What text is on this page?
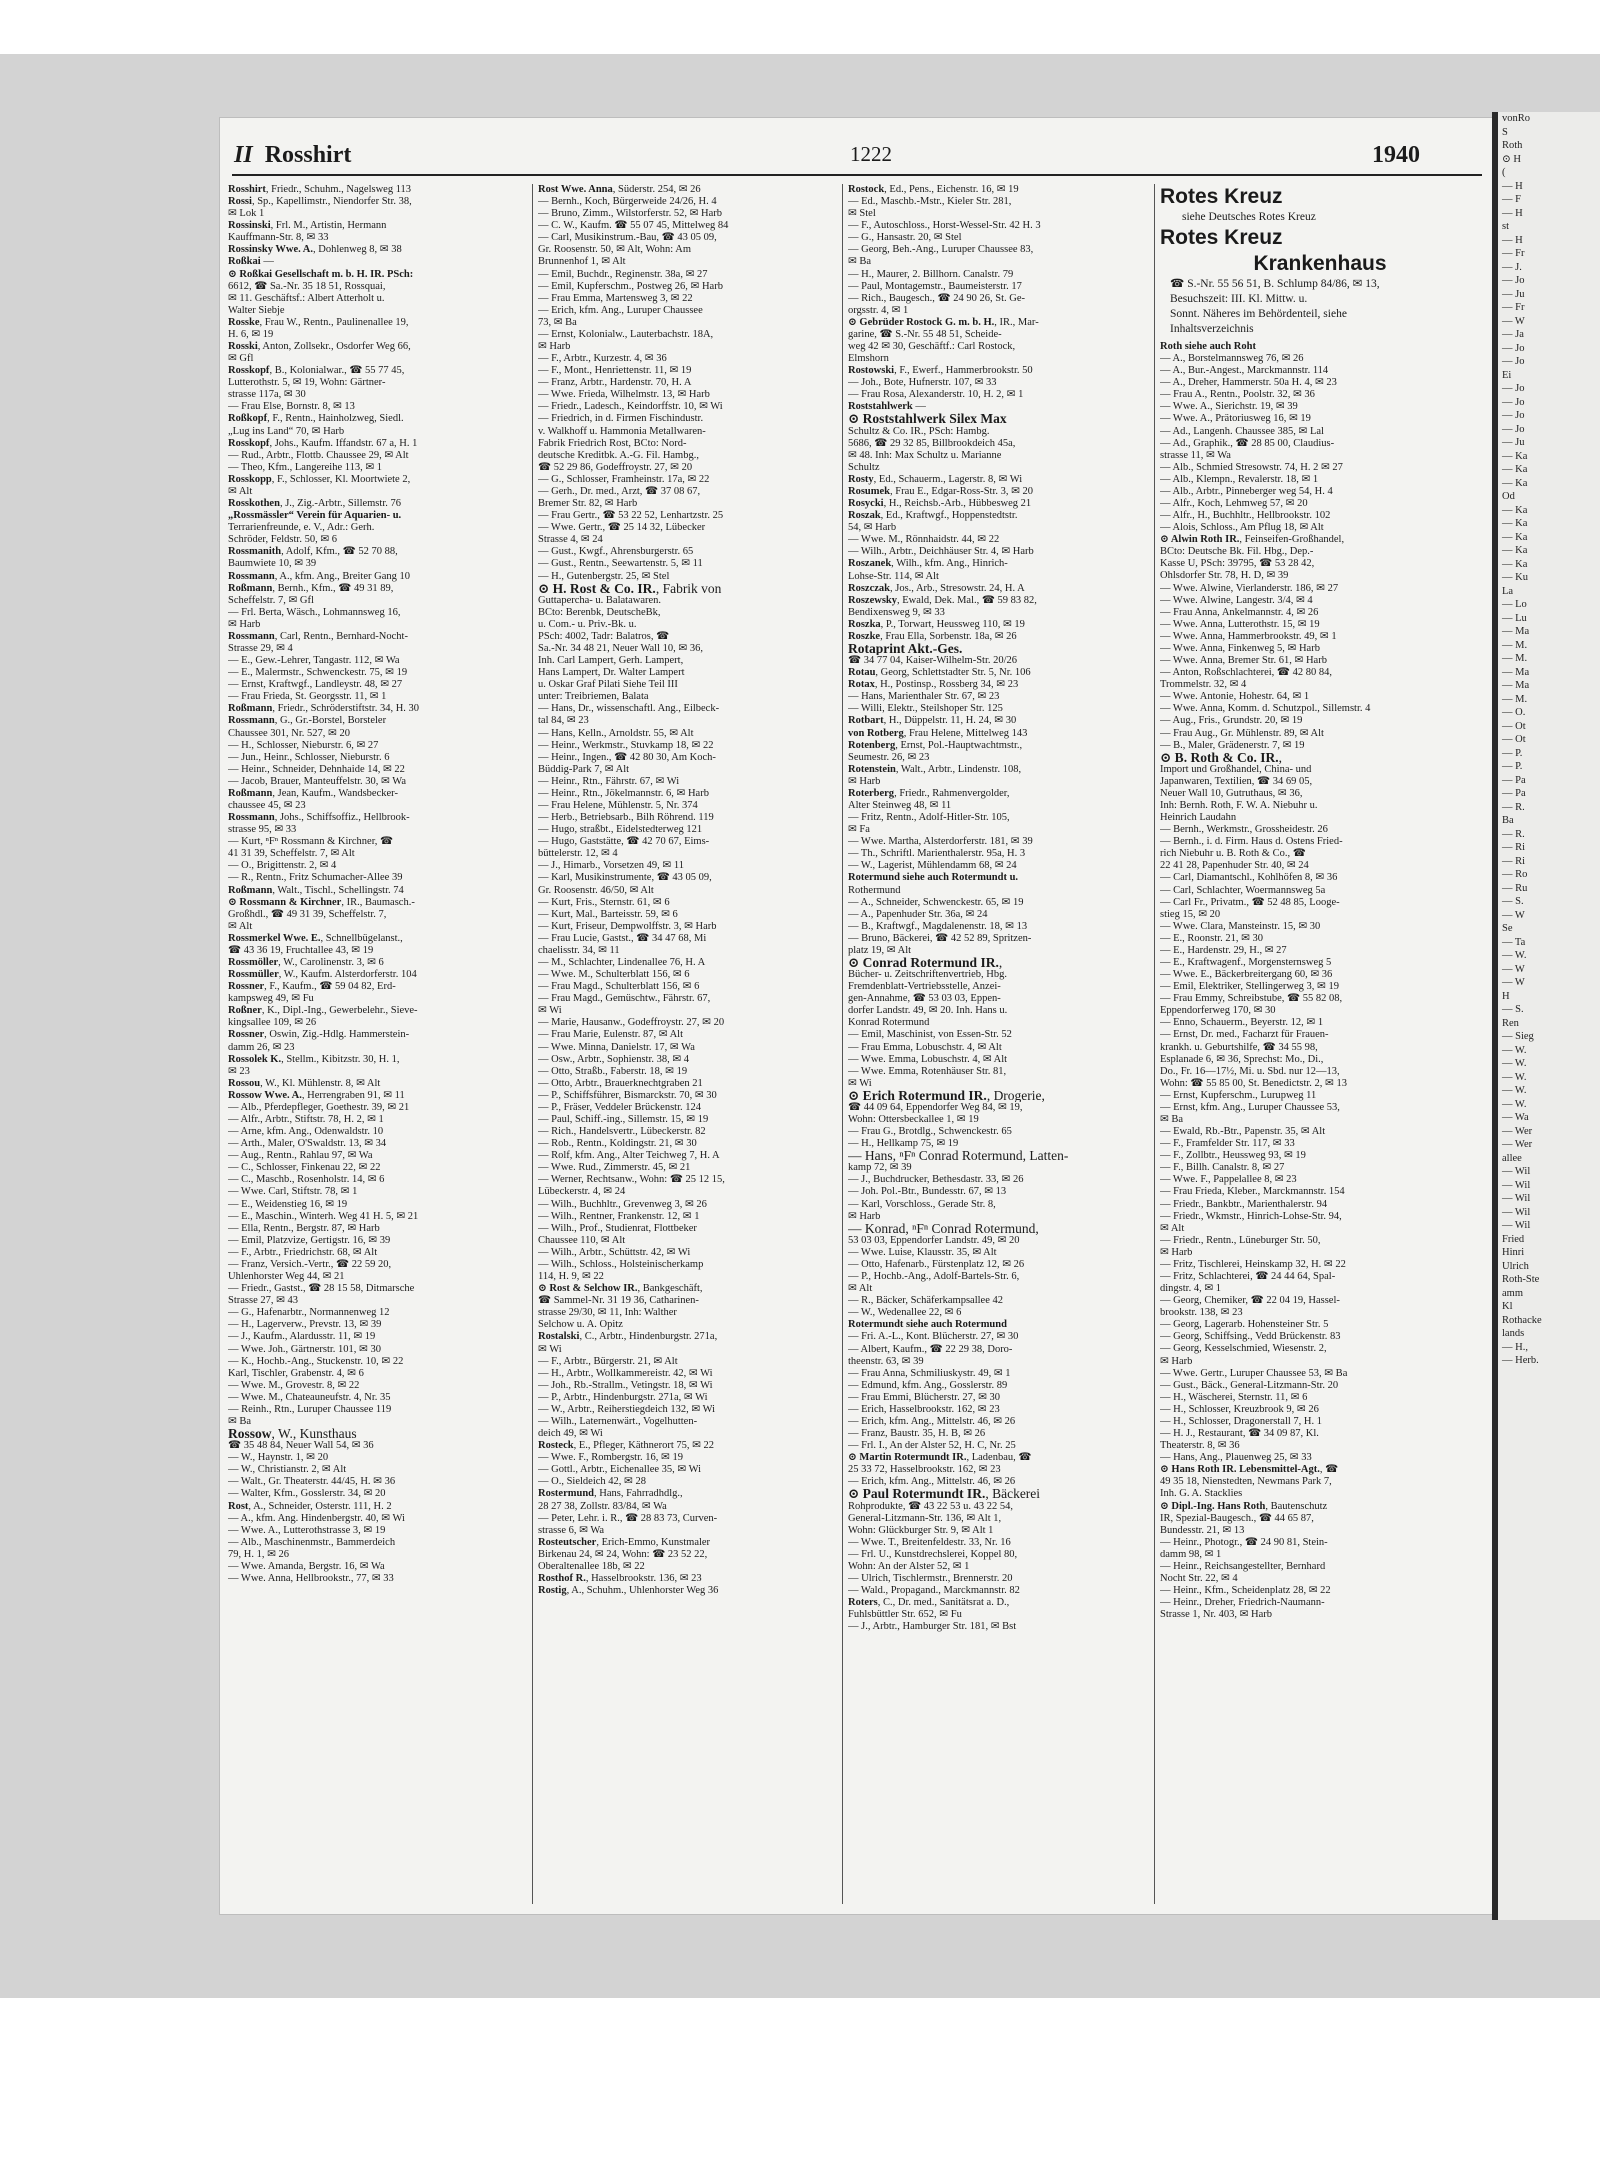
II Rosshirt	1222	1940
Rosshirt, Friedr., Schuhm., Nagelsweg 113
Rossi, Sp., Kapellimstr., Niendorfer Str. 38,
✉ Lok 1
Rossinski, Frl. M., Artistin, Hermann
Kauffmann-Str. 8, ✉ 33
Rossinsky Wwe. A., Dohlenweg 8, ✉ 38
Roßkai —
⊙ Roßkai Gesellschaft m. b. H. IR. PSch:
6612, ☎ Sa.-Nr. 35 18 51, Rossquai,
✉ 11. Geschäftsf.: Albert Atterholt u.
Walter Siebje
Rosske, Frau W., Rentn., Paulinenallee 19,
H. 6, ✉ 19
Rosski, Anton, Zollsekr., Osdorfer Weg 66,
✉ Gfl
Rosskopf, B., Kolonialwar., ☎ 55 77 45,
Lutterothstr. 5, ✉ 19, Wohn: Gärtner-
strasse 117a, ✉ 30
— Frau Else, Bornstr. 8, ✉ 13
Roßkopf, F., Rentn., Hainholzweg, Siedl.
„Lug ins Land“ 70, ✉ Harb
Rosskopf, Johs., Kaufm. Iffandstr. 67 a, H. 1
— Rud., Arbtr., Flottb. Chaussee 29, ✉ Alt
— Theo, Kfm., Langereihe 113, ✉ 1
Rosskopp, F., Schlosser, Kl. Moortwiete 2,
✉ Alt
Rosskothen, J., Zig.-Arbtr., Sillemstr. 76
„Rossmässler“ Verein für Aquarien- u.
Terrarienfreunde, e. V., Adr.: Gerh.
Schröder, Feldstr. 50, ✉ 6
Rossmanith, Adolf, Kfm., ☎ 52 70 88,
Baumwiete 10, ✉ 39
Rossmann, A., kfm. Ang., Breiter Gang 10
Roßmann, Bernh., Kfm., ☎ 49 31 89,
Scheffelstr. 7, ✉ Gfl
— Frl. Berta, Wäsch., Lohmannsweg 16,
✉ Harb
Rossmann, Carl, Rentn., Bernhard-Nocht-
Strasse 29, ✉ 4
— E., Gew.-Lehrer, Tangastr. 112, ✉ Wa
— E., Malermstr., Schwenckestr. 75, ✉ 19
— Ernst, Kraftwgf., Landleystr. 48, ✉ 27
— Frau Frieda, St. Georgsstr. 11, ✉ 1
Roßmann, Friedr., Schröderstiftstr. 34, H. 30
Rossmann, G., Gr.-Borstel, Borsteler
Chaussee 301, Nr. 527, ✉ 20
— H., Schlosser, Nieburstr. 6, ✉ 27
— Jun., Heinr., Schlosser, Nieburstr. 6
— Heinr., Schneider, Dehnhaide 14, ✉ 22
— Jacob, Brauer, Manteuffelstr. 30, ✉ Wa
Roßmann, Jean, Kaufm., Wandsbecker-
chaussee 45, ✉ 23
Rossmann, Johs., Schiffsoffiz., Hellbrook-
strasse 95, ✉ 33
— Kurt, ⁿFⁿ Rossmann & Kirchner, ☎
41 31 39, Scheffelstr. 7, ✉ Alt
— O., Brigittenstr. 2, ✉ 4
— R., Rentn., Fritz Schumacher-Allee 39
Roßmann, Walt., Tischl., Schellingstr. 74
⊙ Rossmann & Kirchner, IR., Baumasch.-
Großhdl., ☎ 49 31 39, Scheffelstr. 7,
✉ Alt
Rossmerkel Wwe. E., Schnellbügelanst.,
☎ 43 36 19, Fruchtallee 43, ✉ 19
Rossmöller, W., Carolinenstr. 3, ✉ 6
Rossmüller, W., Kaufm. Alsterdorferstr. 104
Rossner, F., Kaufm., ☎ 59 04 82, Erd-
kampsweg 49, ✉ Fu
Roßner, K., Dipl.-Ing., Gewerbelehr., Sieve-
kingsallee 109, ✉ 26
Rossner, Oswin, Zig.-Hdlg. Hammerstein-
damm 26, ✉ 23
Rossolek K., Stellm., Kibitzstr. 30, H. 1,
✉ 23
Rossou, W., Kl. Mühlenstr. 8, ✉ Alt
Rossow Wwe. A., Herrengraben 91, ✉ 11
— Alb., Pferdepfleger, Goethestr. 39, ✉ 21
— Alfr., Arbtr., Stiftstr. 78, H. 2, ✉ 1
— Arne, kfm. Ang., Odenwaldstr. 10
— Arth., Maler, O'Swaldstr. 13, ✉ 34
— Aug., Rentn., Rahlau 97, ✉ Wa
— C., Schlosser, Finkenau 22, ✉ 22
— C., Maschb., Rosenholstr. 14, ✉ 6
— Wwe. Carl, Stiftstr. 78, ✉ 1
— E., Weidenstieg 16, ✉ 19
— E., Maschin., Winterh. Weg 41 H. 5, ✉ 21
— Ella, Rentn., Bergstr. 87, ✉ Harb
— Emil, Platzvize, Gertigstr. 16, ✉ 39
— F., Arbtr., Friedrichstr. 68, ✉ Alt
— Franz, Versich.-Vertr., ☎ 22 59 20,
Uhlenhorster Weg 44, ✉ 21
— Friedr., Gastst., ☎ 28 15 58, Ditmarsche
Strasse 27, ✉ 43
— G., Hafenarbtr., Normannenweg 12
— H., Lagerverw., Prevstr. 13, ✉ 39
— J., Kaufm., Alardusstr. 11, ✉ 19
— Wwe. Joh., Gärtnerstr. 101, ✉ 30
— K., Hochb.-Ang., Stuckenstr. 10, ✉ 22
Karl, Tischler, Grabenstr. 4, ✉ 6
— Wwe. M., Grovestr. 8, ✉ 22
— Wwe. M., Chateauneufstr. 4, Nr. 35
— Reinh., Rtn., Luruper Chaussee 119
✉ Ba
Rossow, W., Kunsthaus
☎ 35 48 84, Neuer Wall 54, ✉ 36
— W., Haynstr. 1, ✉ 20
— W., Christianstr. 2, ✉ Alt
— Walt., Gr. Theaterstr. 44/45, H. ✉ 36
— Walter, Kfm., Gosslerstr. 34, ✉ 20
Rost, A., Schneider, Osterstr. 111, H. 2
— A., kfm. Ang. Hindenbergstr. 40, ✉ Wi
— Wwe. A., Lutterothstrasse 3, ✉ 19
— Alb., Maschinenmstr., Bammerdeich
79, H. 1, ✉ 26
— Wwe. Amanda, Bergstr. 16, ✉ Wa
— Wwe. Anna, Hellbrookstr., 77, ✉ 33
Rost Wwe. Anna, Süderstr. 254, ✉ 26
— Bernh., Koch, Bürgerweide 24/26, H. 4
— Bruno, Zimm., Wilstorferstr. 52, ✉ Harb
— C. W., Kaufm. ☎ 55 07 45, Mittelweg 84
— Carl, Musikinstrum.-Bau, ☎ 43 05 09,
Gr. Roosenstr. 50, ✉ Alt, Wohn: Am
Brunnenhof 1, ✉ Alt
— Emil, Buchdr., Reginenstr. 38a, ✉ 27
— Emil, Kupferschm., Postweg 26, ✉ Harb
— Frau Emma, Martensweg 3, ✉ 22
— Erich, kfm. Ang., Luruper Chaussee
73, ✉ Ba
— Ernst, Kolonialw., Lauterbachstr. 18A,
✉ Harb
— F., Arbtr., Kurzestr. 4, ✉ 36
— F., Mont., Henriettenstr. 11, ✉ 19
— Franz, Arbtr., Hardenstr. 70, H. A
— Wwe. Frieda, Wilhelmstr. 13, ✉ Harb
— Friedr., Ladesch., Keindorffstr. 10, ✉ Wi
— Friedrich, in d. Firmen Fischindustr.
v. Walkhoff u. Hammonia Metallwaren-
Fabrik Friedrich Rost, BCto: Nord-
deutsche Kreditbk. A.-G. Fil. Hambg.,
☎ 52 29 86, Godeffroystr. 27, ✉ 20
— G., Schlosser, Framheinstr. 17a, ✉ 22
— Gerh., Dr. med., Arzt, ☎ 37 08 67,
Bremer Str. 82, ✉ Harb
— Frau Gertr., ☎ 53 22 52, Lenhartzstr. 25
— Wwe. Gertr., ☎ 25 14 32, Lübecker
Strasse 4, ✉ 24
— Gust., Kwgf., Ahrensburgerstr. 65
— Gust., Rentn., Seewartenstr. 5, ✉ 11
— H., Gutenbergstr. 25, ✉ Stel
⊙ H. Rost & Co. IR., Fabrik von
Guttapercha- u. Balatawaren.
BCto: Berenbk, DeutscheBk,
u. Com.- u. Priv.-Bk. u.
PSch: 4002, Tadr: Balatros, ☎
Sa.-Nr. 34 48 21, Neuer Wall 10, ✉ 36,
Inh. Carl Lampert, Gerh. Lampert,
Hans Lampert, Dr. Walter Lampert
u. Oskar Graf Pilati Siehe Teil III
unter: Treibriemen, Balata
— Hans, Dr., wissenschaftl. Ang., Eilbeck-
tal 84, ✉ 23
— Hans, Kelln., Arnoldstr. 55, ✉ Alt
— Heinr., Werkmstr., Stuvkamp 18, ✉ 22
— Heinr., Ingen., ☎ 42 80 30, Am Koch-
Büddig-Park 7, ✉ Alt
— Heinr., Rtn., Fährstr. 67, ✉ Wi
— Heinr., Rtn., Jökelmannstr. 6, ✉ Harb
— Frau Helene, Mühlenstr. 5, Nr. 374
— Herb., Betriebsarb., Bilh Röhrend. 119
— Hugo, straßbt., Eidelstedterweg 121
— Hugo, Gaststätte, ☎ 42 70 67, Eims-
büttelerstr. 12, ✉ 4
— J., Himarb., Vorsetzen 49, ✉ 11
— Karl, Musikinstrumente, ☎ 43 05 09,
Gr. Roosenstr. 46/50, ✉ Alt
— Kurt, Fris., Sternstr. 61, ✉ 6
— Kurt, Mal., Barteisstr. 59, ✉ 6
— Kurt, Friseur, Dempwolffstr. 3, ✉ Harb
— Frau Lucie, Gastst., ☎ 34 47 68, Mi
chaelisstr. 34, ✉ 11
— M., Schlachter, Lindenallee 76, H. A
— Wwe. M., Schulterblatt 156, ✉ 6
— Frau Magd., Schulterblatt 156, ✉ 6
— Frau Magd., Gemüschtw., Fährstr. 67,
✉ Wi
— Marie, Hausanw., Godeffroystr. 27, ✉ 20
— Frau Marie, Eulenstr. 87, ✉ Alt
— Wwe. Minna, Danielstr. 17, ✉ Wa
— Osw., Arbtr., Sophienstr. 38, ✉ 4
— Otto, Straßb., Faberstr. 18, ✉ 19
— Otto, Arbtr., Brauerknechtgraben 21
— P., Schiffsführer, Bismarckstr. 70, ✉ 30
— P., Fräser, Veddeler Brückenstr. 124
— Paul, Schiff.-ing., Sillemstr. 15, ✉ 19
— Rich., Handelsvertr., Lübeckerstr. 82
— Rob., Rentn., Koldingstr. 21, ✉ 30
— Rolf, kfm. Ang., Alter Teichweg 7, H. A
— Wwe. Rud., Zimmerstr. 45, ✉ 21
— Werner, Rechtsanw., Wohn: ☎ 25 12 15,
Lübeckerstr. 4, ✉ 24
— Wilh., Buchhltr., Grevenweg 3, ✉ 26
— Wilh., Rentner, Frankenstr. 12, ✉ 1
— Wilh., Prof., Studienrat, Flottbeker
Chaussee 110, ✉ Alt
— Wilh., Arbtr., Schüttstr. 42, ✉ Wi
— Wilh., Schloss., Holsteinischerkamp
114, H. 9, ✉ 22
⊙ Rost & Selchow IR., Bankgeschäft,
☎ Sammel-Nr. 31 19 36, Catharinen-
strasse 29/30, ✉ 11, Inh: Walther
Selchow u. A. Opitz
Rostalski, C., Arbtr., Hindenburgstr. 271a,
✉ Wi
— F., Arbtr., Bürgerstr. 21, ✉ Alt
— H., Arbtr., Wollkammereistr. 42, ✉ Wi
— Joh., Rb.-Strallm., Vetingstr. 18, ✉ Wi
— P., Arbtr., Hindenburgstr. 271a, ✉ Wi
— W., Arbtr., Reiherstiegdeich 132, ✉ Wi
— Wilh., Laternenwärt., Vogelhutten-
deich 49, ✉ Wi
Rosteck, E., Pfleger, Käthnerort 75, ✉ 22
— Wwe. F., Rombergstr. 16, ✉ 19
— Gottl., Arbtr., Eichenallee 35, ✉ Wi
— O., Sieldeich 42, ✉ 28
Rostermund, Hans, Fahrradhdlg.,
28 27 38, Zollstr. 83/84, ✉ Wa
— Peter, Lehr. i. R., ☎ 28 83 73, Curven-
strasse 6, ✉ Wa
Rosteutscher, Erich-Emmo, Kunstmaler
Birkenau 24, ✉ 24, Wohn: ☎ 23 52 22,
Oberaltenallee 18b, ✉ 22
Rosthof R., Hasselbrookstr. 136, ✉ 23
Rostig, A., Schuhm., Uhlenhorster Weg 36
Rostock, Ed., Pens., Eichenstr. 16, ✉ 19
— Ed., Maschb.-Mstr., Kieler Str. 281,
✉ Stel
— F., Autoschloss., Horst-Wessel-Str. 42 H. 3
— G., Hansastr. 20, ✉ Stel
— Georg, Beh.-Ang., Luruper Chaussee 83,
✉ Ba
— H., Maurer, 2. Billhorn. Canalstr. 79
— Paul, Montagemstr., Baumeisterstr. 17
— Rich., Baugesch., ☎ 24 90 26, St. Ge-
orgsstr. 4, ✉ 1
⊙ Gebrüder Rostock G. m. b. H., IR., Mar-
garine, ☎ S.-Nr. 55 48 51, Scheide-
weg 42 ✉ 30, Geschäftf.: Carl Rostock,
Elmshorn
Rostowski, F., Ewerf., Hammerbrookstr. 50
— Joh., Bote, Hufnerstr. 107, ✉ 33
— Frau Rosa, Alexanderstr. 10, H. 2, ✉ 1
Roststahlwerk —
⊙ Roststahlwerk Silex Max
Schultz & Co. IR., PSch: Hambg.
5686, ☎ 29 32 85, Billbrookdeich 45a,
✉ 48. Inh: Max Schultz u. Marianne
Schultz
Rosty, Ed., Schauerm., Lagerstr. 8, ✉ Wi
Rosumek, Frau E., Edgar-Ross-Str. 3, ✉ 20
Rosycki, H., Reichsb.-Arb., Hübbesweg 21
Roszak, Ed., Kraftwgf., Hoppenstedtstr.
54, ✉ Harb
— Wwe. M., Rönnhaidstr. 44, ✉ 22
— Wilh., Arbtr., Deichhäuser Str. 4, ✉ Harb
Roszanek, Wilh., kfm. Ang., Hinrich-
Lohse-Str. 114, ✉ Alt
Roszczak, Jos., Arb., Stresowstr. 24, H. A
Roszewsky, Ewald, Dek. Mal., ☎ 59 83 82,
Bendixensweg 9, ✉ 33
Roszka, P., Torwart, Heussweg 110, ✉ 19
Roszke, Frau Ella, Sorbenstr. 18a, ✉ 26
Rotaprint Akt.-Ges.
☎ 34 77 04, Kaiser-Wilhelm-Str. 20/26
Rotau, Georg, Schlettstadter Str. 5, Nr. 106
Rotax, H., Postinsp., Rossberg 34, ✉ 23
— Hans, Marienthaler Str. 67, ✉ 23
— Willi, Elektr., Steilshoper Str. 125
Rotbart, H., Düppelstr. 11, H. 24, ✉ 30
von Rotberg, Frau Helene, Mittelweg 143
Rotenberg, Ernst, Pol.-Hauptwachtmstr.,
Seumestr. 26, ✉ 23
Rotenstein, Walt., Arbtr., Lindenstr. 108,
✉ Harb
Roterberg, Friedr., Rahmenvergolder,
Alter Steinweg 48, ✉ 11
— Fritz, Rentn., Adolf-Hitler-Str. 105,
✉ Fa
— Wwe. Martha, Alsterdorferstr. 181, ✉ 39
— Th., Schriftl. Marienthalerstr. 95a, H. 3
— W., Lagerist, Mühlendamm 68, ✉ 24
Rotermund siehe auch Rotermundt u.
Rothermund
— A., Schneider, Schwenckestr. 65, ✉ 19
— A., Papenhuder Str. 36a, ✉ 24
— B., Kraftwgf., Magdalenenstr. 18, ✉ 13
— Bruno, Bäckerei, ☎ 42 52 89, Spritzen-
platz 19, ✉ Alt
⊙ Conrad Rotermund IR.,
Bücher- u. Zeitschriftenvertrieb, Hbg.
Fremdenblatt-Vertriebsstelle, Anzei-
gen-Annahme, ☎ 53 03 03, Eppen-
dorfer Landstr. 49, ✉ 20. Inh. Hans u.
Konrad Rotermund
— Emil, Maschinist, von Essen-Str. 52
— Frau Emma, Lobuschstr. 4, ✉ Alt
— Wwe. Emma, Lobuschstr. 4, ✉ Alt
— Wwe. Emma, Rotenhäuser Str. 81,
✉ Wi
⊙ Erich Rotermund IR., Drogerie,
☎ 44 09 64, Eppendorfer Weg 84, ✉ 19,
Wohn: Ottersbeckallee 1, ✉ 19
— Frau G., Brotdlg., Schwenckestr. 65
— H., Hellkamp 75, ✉ 19
— Hans, ⁿFⁿ Conrad Rotermund, Latten-
kamp 72, ✉ 39
— J., Buchdrucker, Bethesdastr. 33, ✉ 26
— Joh. Pol.-Btr., Bundesstr. 67, ✉ 13
— Karl, Vorschloss., Gerade Str. 8,
✉ Harb
— Konrad, ⁿFⁿ Conrad Rotermund,
53 03 03, Eppendorfer Landstr. 49, ✉ 20
— Wwe. Luise, Klausstr. 35, ✉ Alt
— Otto, Hafenarb., Fürstenplatz 12, ✉ 26
— P., Hochb.-Ang., Adolf-Bartels-Str. 6,
✉ Alt
— R., Bäcker, Schäferkampsallee 42
— W., Wedenallee 22, ✉ 6
Rotermundt siehe auch Rotermund
— Fri. A.-L., Kont. Blücherstr. 27, ✉ 30
— Albert, Kaufm., ☎ 22 29 38, Doro-
theenstr. 63, ✉ 39
— Frau Anna, Schmiliuskystr. 49, ✉ 1
— Edmund, kfm. Ang., Gosslerstr. 89
— Frau Emmi, Blücherstr. 27, ✉ 30
— Erich, Hasselbrookstr. 162, ✉ 23
— Erich, kfm. Ang., Mittelstr. 46, ✉ 26
— Franz, Baustr. 35, H. B, ✉ 26
— Frl. I., An der Alster 52, H. C, Nr. 25
⊙ Martin Rotermundt IR., Ladenbau, ☎
25 33 72, Hasselbrookstr. 162, ✉ 23
— Erich, kfm. Ang., Mittelstr. 46, ✉ 26
⊙ Paul Rotermundt IR., Bäckerei
Rohprodukte, ☎ 43 22 53 u. 43 22 54,
General-Litzmann-Str. 136, ✉ Alt 1,
Wohn: Glückburger Str. 9, ✉ Alt 1
— Wwe. T., Breitenfeldestr. 33, Nr. 16
— Frl. U., Kunstdrechslerei, Koppel 80,
Wohn: An der Alster 52, ✉ 1
— Ulrich, Tischlermstr., Brennerstr. 20
— Wald., Propagand., Marckmannstr. 82
Roters, C., Dr. med., Sanitätsrat a. D.,
Fuhlsbüttler Str. 652, ✉ Fu
— J., Arbtr., Hamburger Str. 181, ✉ Bst
Rotes Kreuz
siehe Deutsches Rotes Kreuz
Rotes Kreuz
Krankenhaus
☎ S.-Nr. 55 56 51, B. Schlump 84/86, ✉ 13,
Besuchszeit: III. Kl. Mittw. u.
Sonnt. Näheres im Behördenteil, siehe
Inhaltsverzeichnis
Roth siehe auch Roht
— A., Borstelmannsweg 76, ✉ 26
— A., Bur.-Angest., Marckmannstr. 114
— A., Dreher, Hammerstr. 50a H. 4, ✉ 23
— Frau A., Rentn., Poolstr. 32, ✉ 36
— Wwe. A., Sierichstr. 19, ✉ 39
— Wwe. A., Prätoriusweg 16, ✉ 19
— Ad., Langenh. Chaussee 385, ✉ Lal
— Ad., Graphik., ☎ 28 85 00, Claudius-
strasse 11, ✉ Wa
— Alb., Schmied Stresowstr. 74, H. 2 ✉ 27
— Alb., Klempn., Revalerstr. 18, ✉ 1
— Alb., Arbtr., Pinneberger weg 54, H. 4
— Alfr., Koch, Lehmweg 57, ✉ 20
— Alfr., H., Buchhltr., Hellbrookstr. 102
— Alois, Schloss., Am Pflug 18, ✉ Alt
⊙ Alwin Roth IR., Feinseifen-Großhandel,
BCto: Deutsche Bk. Fil. Hbg., Dep.-
Kasse U, PSch: 39795, ☎ 53 28 42,
Ohlsdorfer Str. 78, H. D, ✉ 39
— Wwe. Alwine, Vierlanderstr. 186, ✉ 27
— Wwe. Alwine, Langestr. 3/4, ✉ 4
— Frau Anna, Ankelmannstr. 4, ✉ 26
— Wwe. Anna, Lutterothstr. 15, ✉ 19
— Wwe. Anna, Hammerbrookstr. 49, ✉ 1
— Wwe. Anna, Finkenweg 5, ✉ Harb
— Wwe. Anna, Bremer Str. 61, ✉ Harb
— Anton, Roßschlachterei, ☎ 42 80 84,
Trommelstr. 32, ✉ 4
— Wwe. Antonie, Hohestr. 64, ✉ 1
— Wwe. Anna, Komm. d. Schutzpol., Sillemstr. 4
— Aug., Fris., Grundstr. 20, ✉ 19
— Frau Aug., Gr. Mühlenstr. 89, ✉ Alt
— B., Maler, Grädenerstr. 7, ✉ 19
⊙ B. Roth & Co. IR.,
Import und Großhandel, China- und
Japanwaren, Textilien, ☎ 34 69 05,
Neuer Wall 10, Gutruthaus, ✉ 36,
Inh: Bernh. Roth, F. W. A. Niebuhr u.
Heinrich Laudahn
— Bernh., Werkmstr., Grossheidestr. 26
— Bernh., i. d. Firm. Haus d. Ostens Fried-
rich Niebuhr u. B. Roth & Co., ☎
22 41 28, Papenhuder Str. 40, ✉ 24
— Carl, Diamantschl., Kohlhöfen 8, ✉ 36
— Carl, Schlachter, Woermannsweg 5a
— Carl Fr., Privatm., ☎ 52 48 85, Looge-
stieg 15, ✉ 20
— Wwe. Clara, Mansteinstr. 15, ✉ 30
— E., Roonstr. 21, ✉ 30
— E., Hardenstr. 29, H., ✉ 27
— E., Kraftwagenf., Morgensternsweg 5
— Wwe. E., Bäckerbreitergang 60, ✉ 36
— Emil, Elektriker, Stellingerweg 3, ✉ 19
— Frau Emmy, Schreibstube, ☎ 55 82 08,
Eppendorferweg 170, ✉ 30
— Enno, Schauerm., Beyerstr. 12, ✉ 1
— Ernst, Dr. med., Facharzt für Frauen-
krankh. u. Geburtshilfe, ☎ 34 55 98,
Esplanade 6, ✉ 36, Sprechst: Mo., Di.,
Do., Fr. 16—17½, Mi. u. Sbd. nur 12—13,
Wohn: ☎ 55 85 00, St. Benedictstr. 2, ✉ 13
— Ernst, Kupferschm., Lurupweg 11
— Ernst, kfm. Ang., Luruper Chaussee 53,
✉ Ba
— Ewald, Rb.-Btr., Papenstr. 35, ✉ Alt
— F., Framfelder Str. 117, ✉ 33
— F., Zollbtr., Heussweg 93, ✉ 19
— F., Billh. Canalstr. 8, ✉ 27
— Wwe. F., Pappelallee 8, ✉ 23
— Frau Frieda, Kleber., Marckmannstr. 154
— Friedr., Bankbtr., Marienthalerstr. 94
— Friedr., Wkmstr., Hinrich-Lohse-Str. 94,
✉ Alt
— Friedr., Rentn., Lüneburger Str. 50,
✉ Harb
— Fritz, Tischlerei, Heinskamp 32, H. ✉ 22
— Fritz, Schlachterei, ☎ 24 44 64, Spal-
dingstr. 4, ✉ 1
— Georg, Chemiker, ☎ 22 04 19, Hassel-
brookstr. 138, ✉ 23
— Georg, Lagerarb. Hohensteiner Str. 5
— Georg, Schiffsing., Vedd Brückenstr. 83
— Georg, Kesselschmied, Wiesenstr. 2,
✉ Harb
— Wwe. Gertr., Luruper Chaussee 53, ✉ Ba
— Gust., Bäck., General-Litzmann-Str. 20
— H., Wäscherei, Sternstr. 11, ✉ 6
— H., Schlosser, Kreuzbrook 9, ✉ 26
— H., Schlosser, Dragonerstall 7, H. 1
— H. J., Restaurant, ☎ 34 09 87, Kl.
Theaterstr. 8, ✉ 36
— Hans, Ang., Plauenweg 25, ✉ 33
⊙ Hans Roth IR. Lebensmittel-Agt., ☎
49 35 18, Nienstedten, Newmans Park 7,
Inh. G. A. Stacklies
⊙ Dipl.-Ing. Hans Roth, Bautenschutz
IR, Spezial-Baugesch., ☎ 44 65 87,
Bundesstr. 21, ✉ 13
— Heinr., Photogr., ☎ 24 90 81, Stein-
damm 98, ✉ 1
— Heinr., Reichsangestellter, Bernhard
Nocht Str. 22, ✉ 4
— Heinr., Kfm., Scheidenplatz 28, ✉ 22
— Heinr., Dreher, Friedrich-Naumann-
Strasse 1, Nr. 403, ✉ Harb
vonRo
S
Roth
⊙ H
(
— H
— F
— H
st
— H
— Fr
— J.
— Jo
— Ju
— Fr
— W
— Ja
— Jo
— Jo
Ei
— Jo
— Jo
— Jo
— Jo
— Ju
— Ka
— Ka
— Ka
Od
— Ka
— Ka
— Ka
— Ka
— Ka
— Ku
La
— Lo
— Lu
— Ma
— M.
— M.
— Ma
— Ma
— M.
— O.
— Ot
— Ot
— P.
— P.
— Pa
— Pa
— R.
Ba
— R.
— Ri
— Ri
— Ro
— Ru
— S.
— W
Se
— Ta
— W.
— W
— W
H
— S.
Ren
— Sieg
— W.
— W.
— W.
— W.
— W.
— Wa
— Wer
— Wer
allee
— Wil
— Wil
— Wil
— Wil
— Wil
Fried
Hinri
Ulrich
Roth-Ste
amm
Kl
Rothacke
lands
— H.,
— Herb.
